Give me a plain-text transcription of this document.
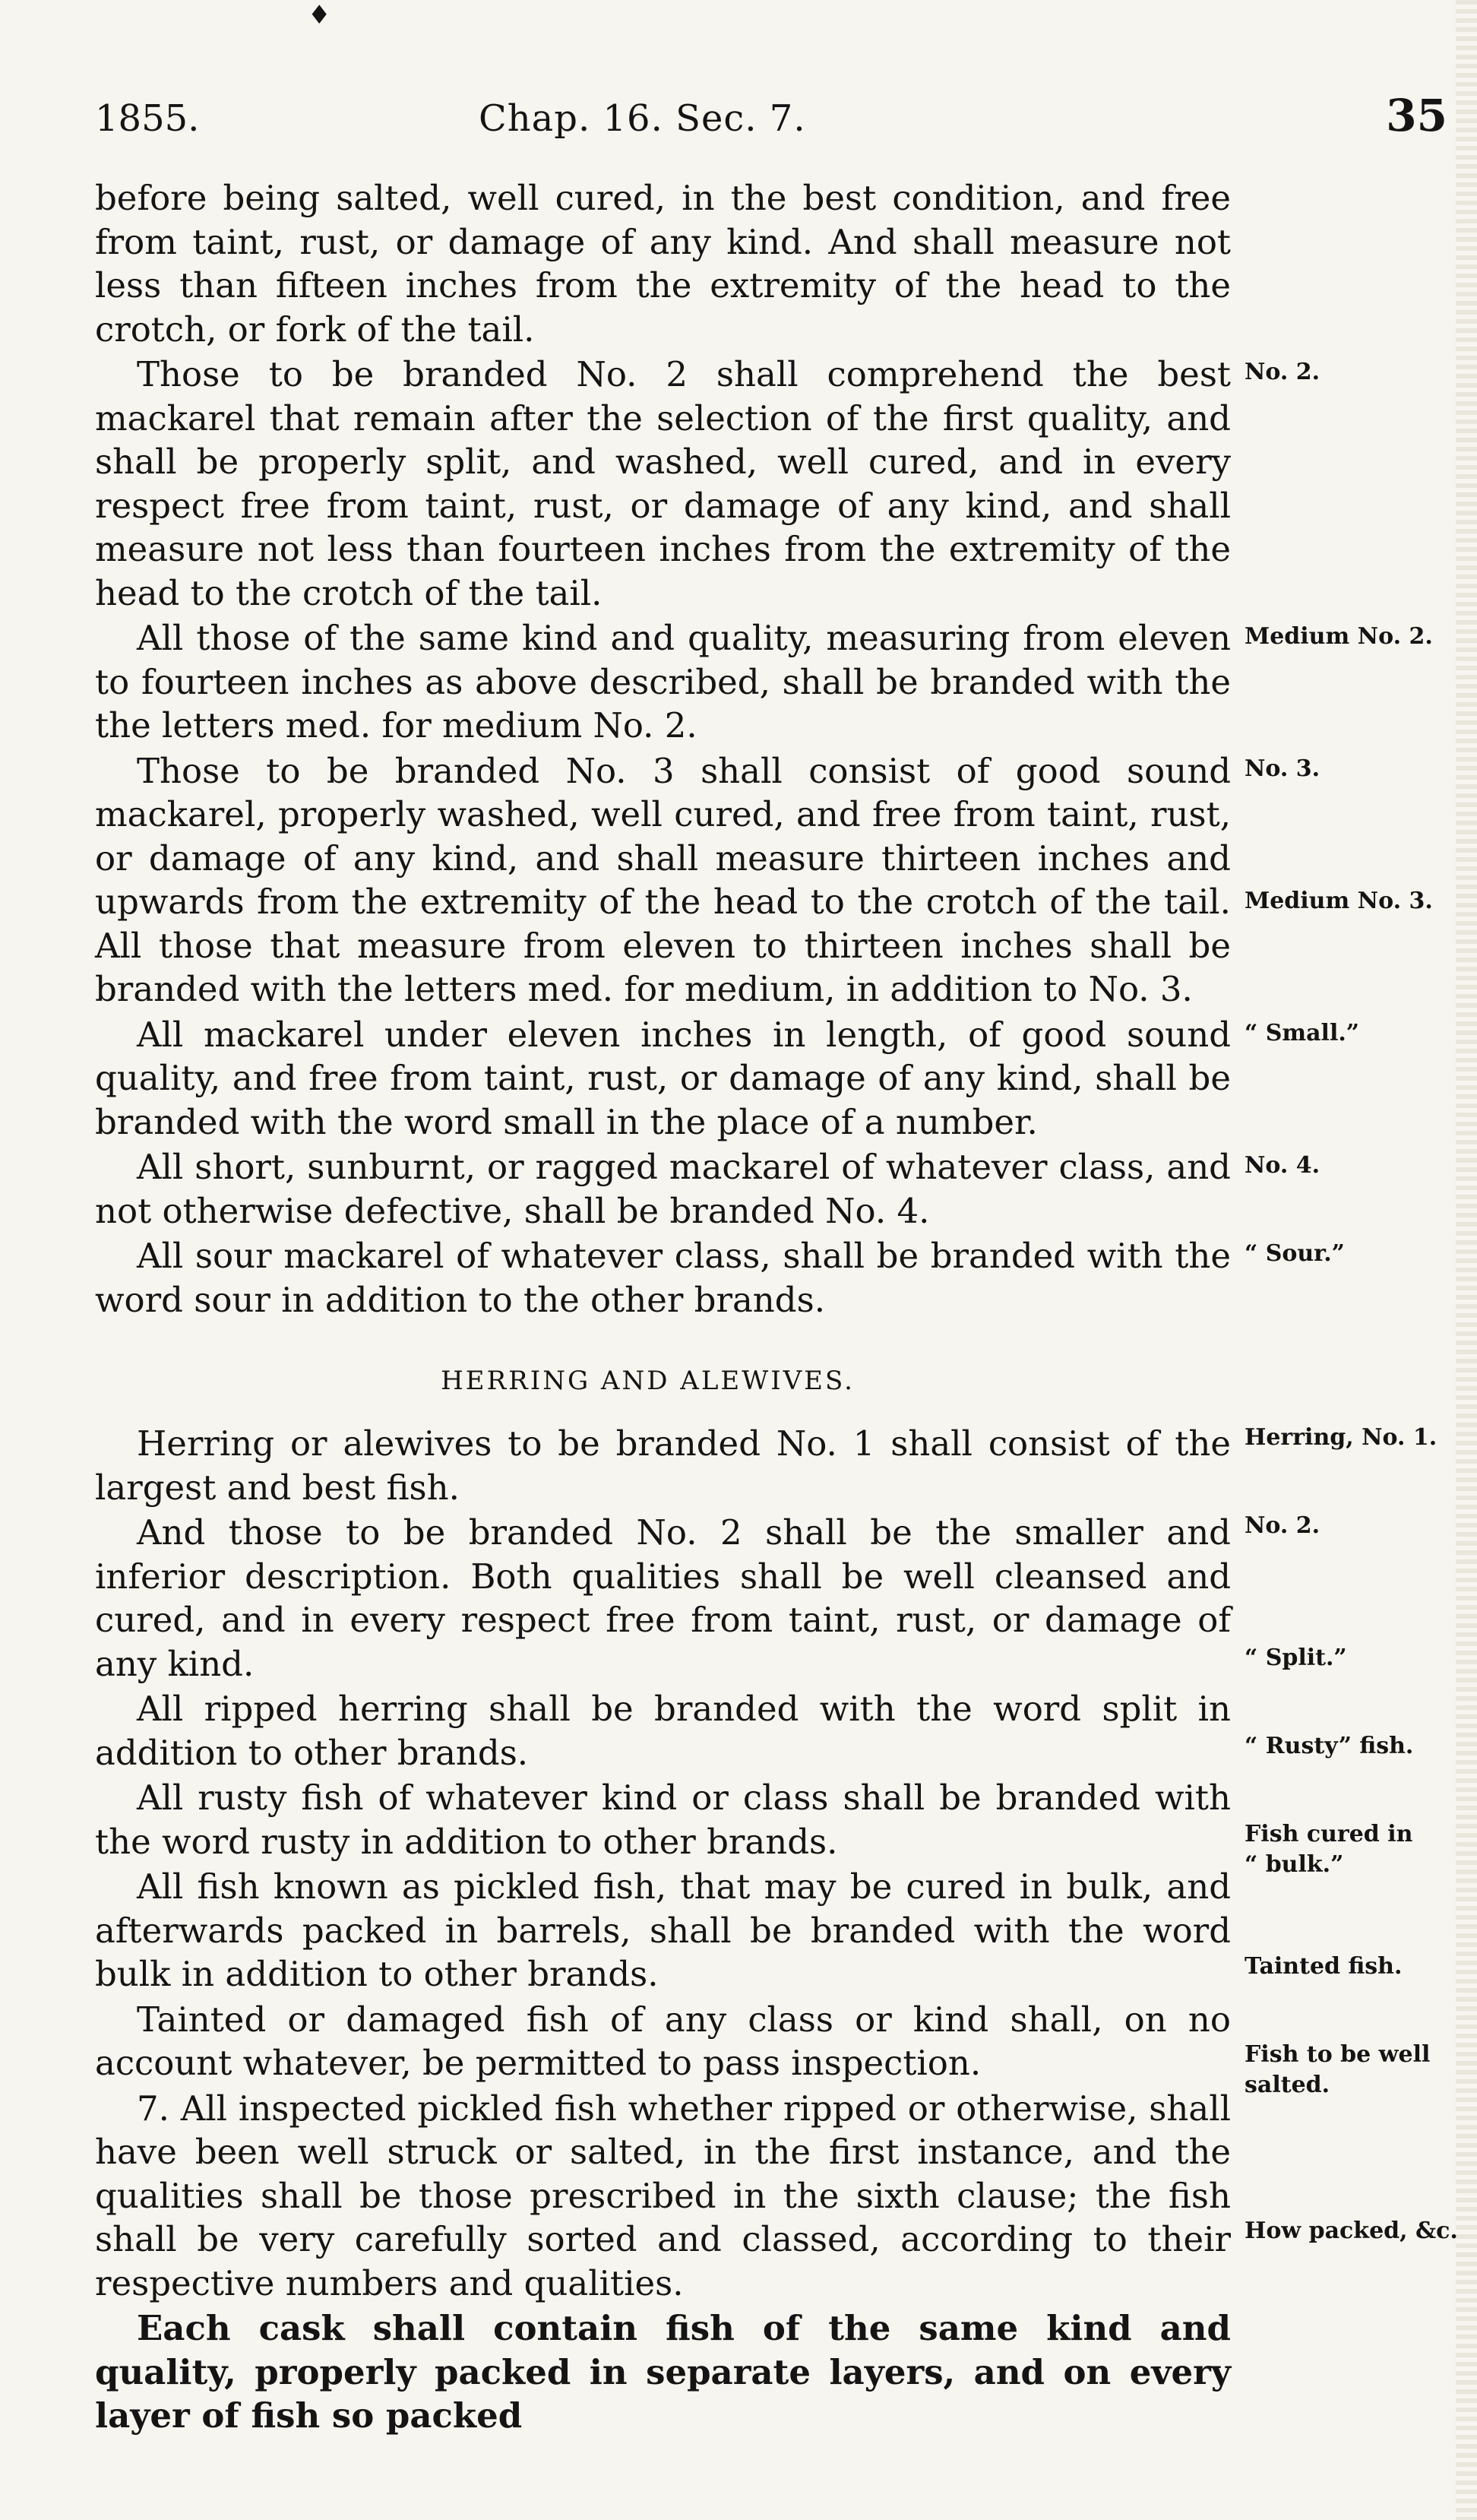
♦
1855.	Chap. 16. Sec. 7.	35

before being salted, well cured, in the best condition, and free from taint, rust, or damage of any kind. And shall measure not less than fifteen inches from the extremity of the head to the crotch, or fork of the tail.

Those to be branded No. 2 shall comprehend the best mackarel that remain after the selection of the first quality, and shall be properly split, and washed, well cured, and in every respect free from taint, rust, or damage of any kind, and shall measure not less than fourteen inches from the extremity of the head to the crotch of the tail.

All those of the same kind and quality, measuring from eleven to fourteen inches as above described, shall be branded with the the letters med. for medium No. 2.

Those to be branded No. 3 shall consist of good sound mackarel, properly washed, well cured, and free from taint, rust, or damage of any kind, and shall measure thirteen inches and upwards from the extremity of the head to the crotch of the tail. All those that measure from eleven to thirteen inches shall be branded with the letters med. for medium, in addition to No. 3.

All mackarel under eleven inches in length, of good sound quality, and free from taint, rust, or damage of any kind, shall be branded with the word small in the place of a number.

All short, sunburnt, or ragged mackarel of whatever class, and not otherwise defective, shall be branded No. 4.

All sour mackarel of whatever class, shall be branded with the word sour in addition to the other brands.

HERRING AND ALEWIVES.

Herring or alewives to be branded No. 1 shall consist of the largest and best fish.

And those to be branded No. 2 shall be the smaller and inferior description. Both qualities shall be well cleansed and cured, and in every respect free from taint, rust, or damage of any kind.

All ripped herring shall be branded with the word split in addition to other brands.

All rusty fish of whatever kind or class shall be branded with the word rusty in addition to other brands.

All fish known as pickled fish, that may be cured in bulk, and afterwards packed in barrels, shall be branded with the word bulk in addition to other brands.

Tainted or damaged fish of any class or kind shall, on no account whatever, be permitted to pass inspection.

7. All inspected pickled fish whether ripped or otherwise, shall have been well struck or salted, in the first instance, and the qualities shall be those prescribed in the sixth clause; the fish shall be very carefully sorted and classed, according to their respective numbers and qualities.

Each cask shall contain fish of the same kind and quality, properly packed in separate layers, and on every layer of fish so packed

No. 2.
Medium No. 2.
No. 3.
Medium No. 3.
“ Small.”
No. 4.
“ Sour.”
Herring, No. 1.
No. 2.
“ Split.”
“ Rusty” fish.
Fish cured in
“ bulk.”
Tainted fish.
Fish to be well
salted.
How packed, &c.
